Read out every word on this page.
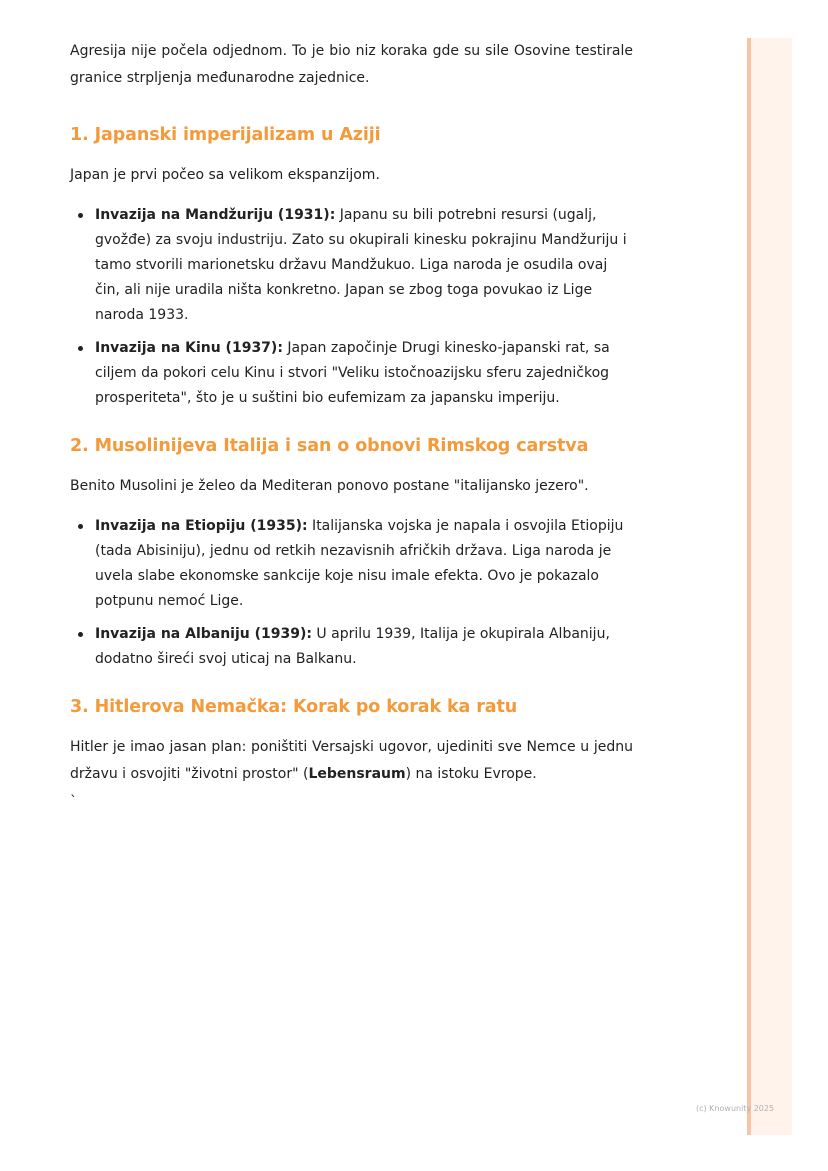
Agresija nije počela odjednom. To je bio niz koraka gde su sile Osovine testirale granice strpljenja međunarodne zajednice.

1. Japanski imperijalizam u Aziji

Japan je prvi počeo sa velikom ekspanzijom.

Invazija na Mandžuriju (1931): Japanu su bili potrebni resursi (ugalj, gvožđe) za svoju industriju. Zato su okupirali kinesku pokrajinu Mandžuriju i tamo stvorili marionetsku državu Mandžukuo. Liga naroda je osudila ovaj čin, ali nije uradila ništa konkretno. Japan se zbog toga povukao iz Lige naroda 1933.
Invazija na Kinu (1937): Japan započinje Drugi kinesko-japanski rat, sa ciljem da pokori celu Kinu i stvori "Veliku istočnoazijsku sferu zajedničkog prosperiteta", što je u suštini bio eufemizam za japansku imperiju.
2. Musolinijeva Italija i san o obnovi Rimskog carstva

Benito Musolini je želeo da Mediteran ponovo postane "italijansko jezero".

Invazija na Etiopiju (1935): Italijanska vojska je napala i osvojila Etiopiju (tada Abisiniju), jednu od retkih nezavisnih afričkih država. Liga naroda je uvela slabe ekonomske sankcije koje nisu imale efekta. Ovo je pokazalo potpunu nemoć Lige.
Invazija na Albaniju (1939): U aprilu 1939, Italija je okupirala Albaniju, dodatno šireći svoj uticaj na Balkanu.
3. Hitlerova Nemačka: Korak po korak ka ratu

Hitler je imao jasan plan: poništiti Versajski ugovor, ujediniti sve Nemce u jednu državu i osvojiti "životni prostor" (Lebensraum) na istoku Evrope.

`
(c) Knowunity 2025
